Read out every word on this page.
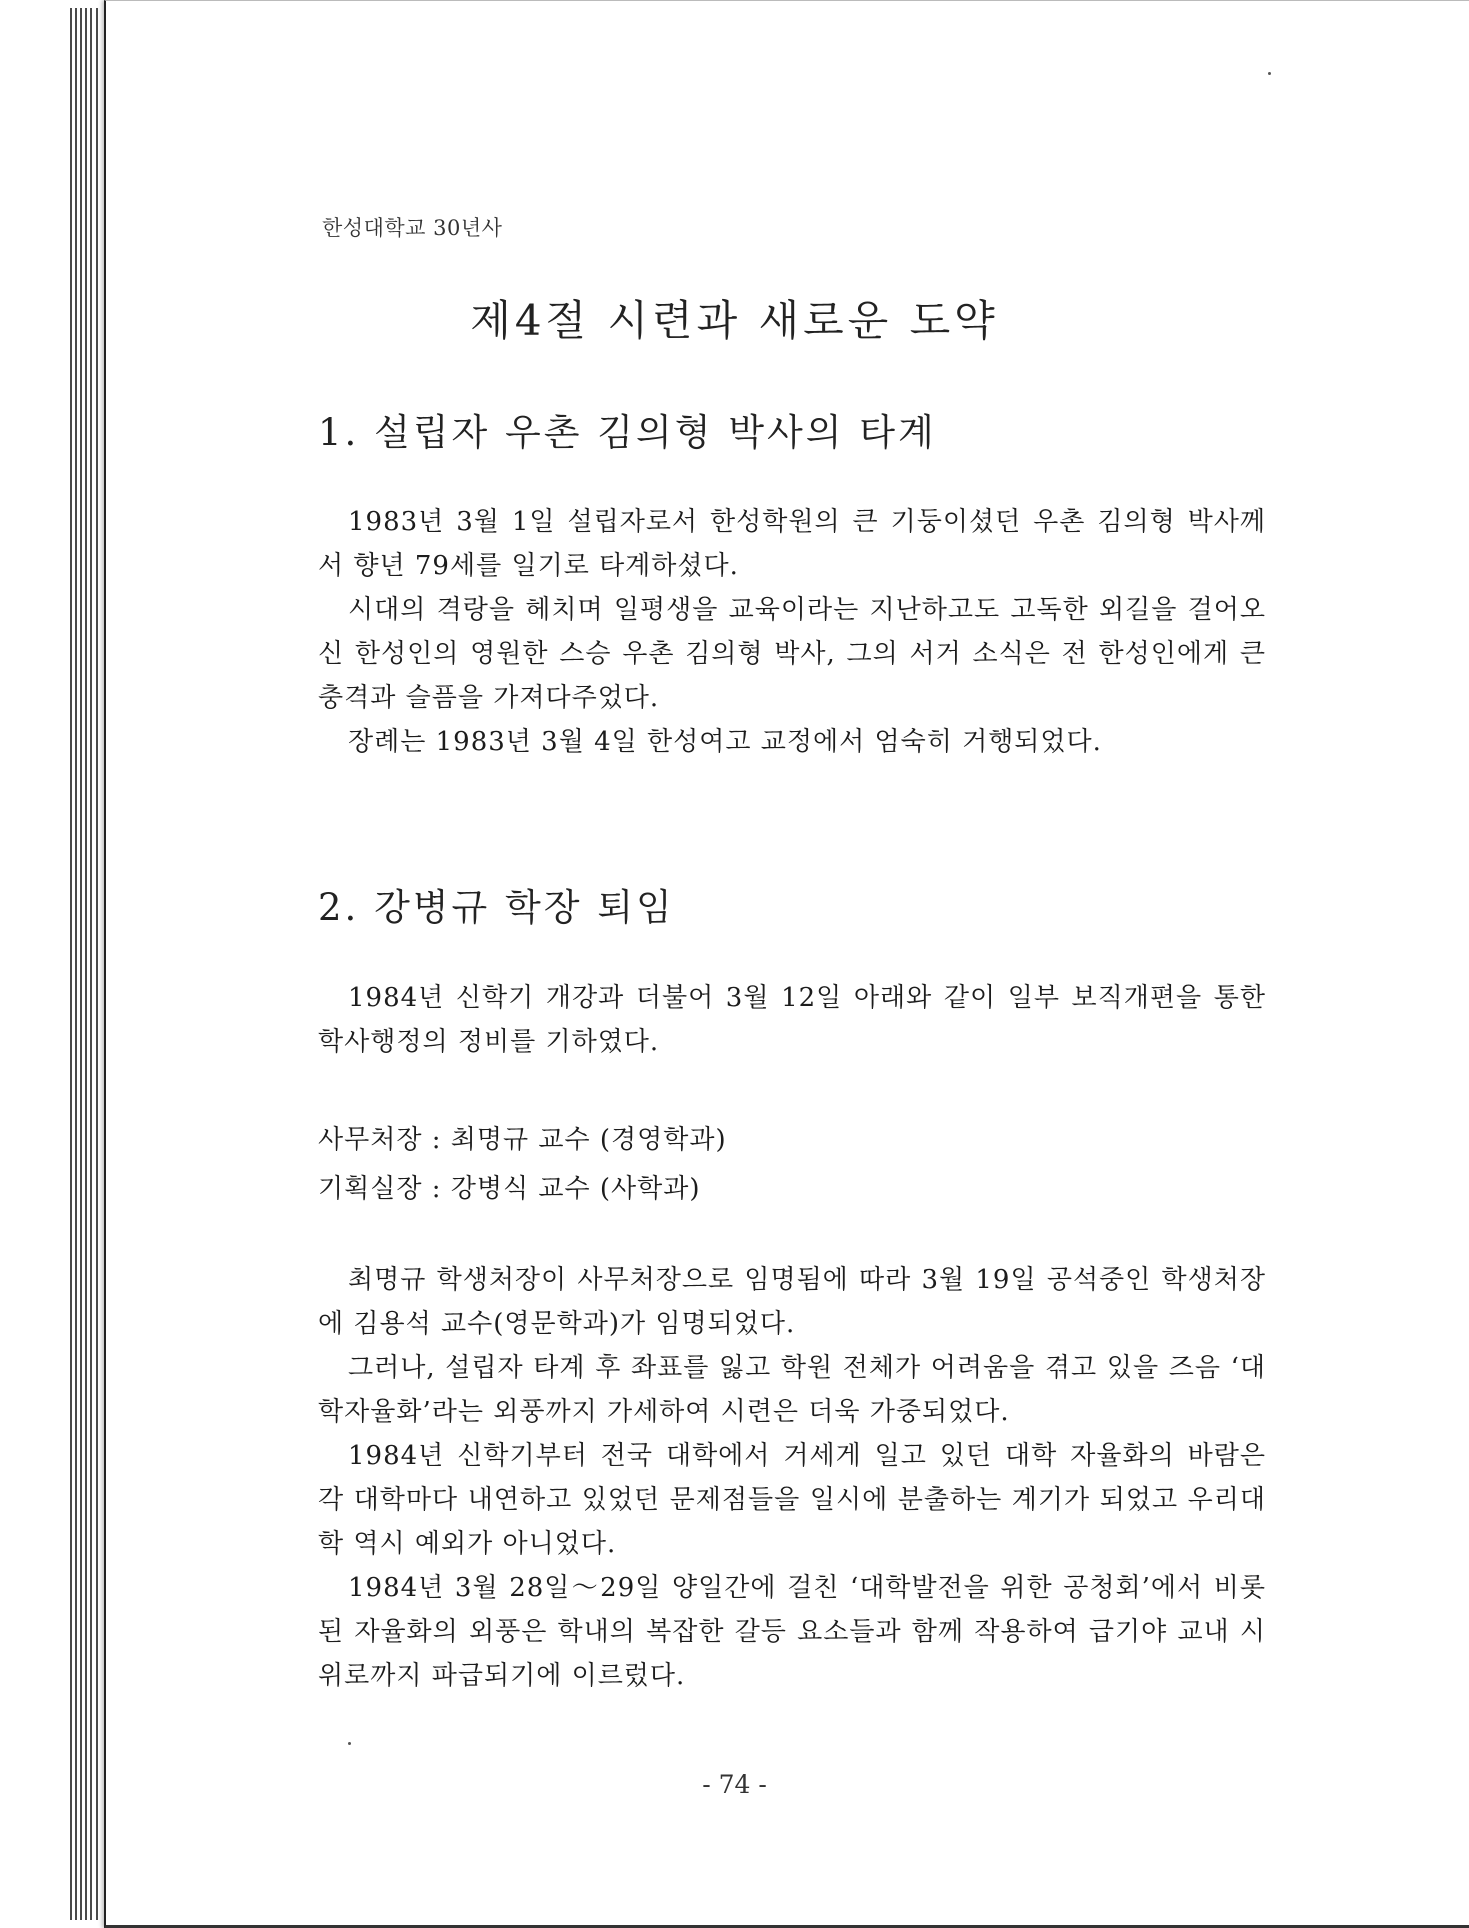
한성대학교 30년사
제4절 시련과 새로운 도약
1. 설립자 우촌 김의형 박사의 타계

1983년 3월 1일 설립자로서 한성학원의 큰 기둥이셨던 우촌 김의형 박사께서 향년 79세를 일기로 타계하셨다.

시대의 격랑을 헤치며 일평생을 교육이라는 지난하고도 고독한 외길을 걸어오신 한성인의 영원한 스승 우촌 김의형 박사, 그의 서거 소식은 전 한성인에게 큰 충격과 슬픔을 가져다주었다.

장례는 1983년 3월 4일 한성여고 교정에서 엄숙히 거행되었다.

2. 강병규 학장 퇴임

1984년 신학기 개강과 더불어 3월 12일 아래와 같이 일부 보직개편을 통한 학사행정의 정비를 기하였다.

사무처장 : 최명규 교수 (경영학과)
기획실장 : 강병식 교수 (사학과)

최명규 학생처장이 사무처장으로 임명됨에 따라 3월 19일 공석중인 학생처장에 김용석 교수(영문학과)가 임명되었다.

그러나, 설립자 타계 후 좌표를 잃고 학원 전체가 어려움을 겪고 있을 즈음 ‘대학자율화’라는 외풍까지 가세하여 시련은 더욱 가중되었다.

1984년 신학기부터 전국 대학에서 거세게 일고 있던 대학 자율화의 바람은 각 대학마다 내연하고 있었던 문제점들을 일시에 분출하는 계기가 되었고 우리대학 역시 예외가 아니었다.

1984년 3월 28일～29일 양일간에 걸친 ‘대학발전을 위한 공청회’에서 비롯된 자율화의 외풍은 학내의 복잡한 갈등 요소들과 함께 작용하여 급기야 교내 시위로까지 파급되기에 이르렀다.

- 74 -
